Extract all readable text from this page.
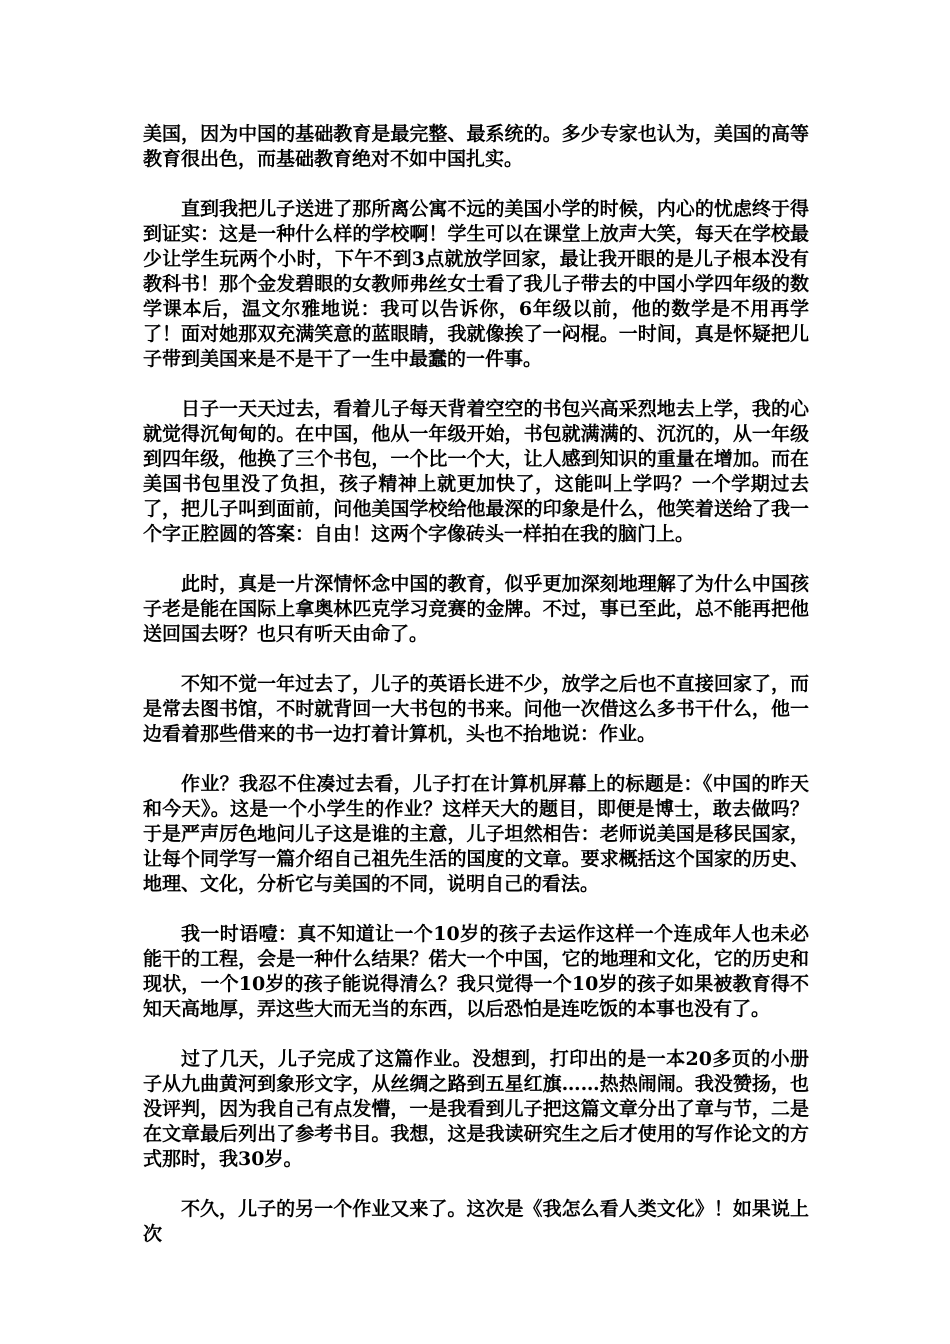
美国，因为中国的基础教育是最完整、最系统的。多少专家也认为，美国的高等教育很出色，而基础教育绝对不如中国扎实。

直到我把儿子送进了那所离公寓不远的美国小学的时候，内心的忧虑终于得到证实：这是一种什么样的学校啊！学生可以在课堂上放声大笑，每天在学校最少让学生玩两个小时，下午不到3点就放学回家，最让我开眼的是儿子根本没有教科书！那个金发碧眼的女教师弗丝女士看了我儿子带去的中国小学四年级的数学课本后，温文尔雅地说：我可以告诉你，6年级以前，他的数学是不用再学了！面对她那双充满笑意的蓝眼睛，我就像挨了一闷棍。一时间，真是怀疑把儿子带到美国来是不是干了一生中最蠢的一件事。

日子一天天过去，看着儿子每天背着空空的书包兴高采烈地去上学，我的心就觉得沉甸甸的。在中国，他从一年级开始，书包就满满的、沉沉的，从一年级到四年级，他换了三个书包，一个比一个大，让人感到知识的重量在增加。而在美国书包里没了负担，孩子精神上就更加快了，这能叫上学吗？一个学期过去了，把儿子叫到面前，问他美国学校给他最深的印象是什么，他笑着送给了我一个字正腔圆的答案：自由！这两个字像砖头一样拍在我的脑门上。

此时，真是一片深情怀念中国的教育，似乎更加深刻地理解了为什么中国孩子老是能在国际上拿奥林匹克学习竞赛的金牌。不过，事已至此，总不能再把他送回国去呀？也只有听天由命了。

不知不觉一年过去了，儿子的英语长进不少，放学之后也不直接回家了，而是常去图书馆，不时就背回一大书包的书来。问他一次借这么多书干什么，他一边看着那些借来的书一边打着计算机，头也不抬地说：作业。

作业？我忍不住凑过去看，儿子打在计算机屏幕上的标题是：《中国的昨天和今天》。这是一个小学生的作业？这样天大的题目，即便是博士，敢去做吗？于是严声厉色地问儿子这是谁的主意，儿子坦然相告：老师说美国是移民国家，让每个同学写一篇介绍自己祖先生活的国度的文章。要求概括这个国家的历史、地理、文化，分析它与美国的不同，说明自己的看法。

我一时语噎：真不知道让一个10岁的孩子去运作这样一个连成年人也未必能干的工程，会是一种什么结果？偌大一个中国，它的地理和文化，它的历史和现状，一个10岁的孩子能说得清么？我只觉得一个10岁的孩子如果被教育得不知天高地厚，弄这些大而无当的东西，以后恐怕是连吃饭的本事也没有了。

过了几天，儿子完成了这篇作业。没想到，打印出的是一本20多页的小册子从九曲黄河到象形文字，从丝绸之路到五星红旗……热热闹闹。我没赞扬，也没评判，因为我自己有点发懵，一是我看到儿子把这篇文章分出了章与节，二是在文章最后列出了参考书目。我想，这是我读研究生之后才使用的写作论文的方式那时，我30岁。

不久，儿子的另一个作业又来了。这次是《我怎么看人类文化》！如果说上次
